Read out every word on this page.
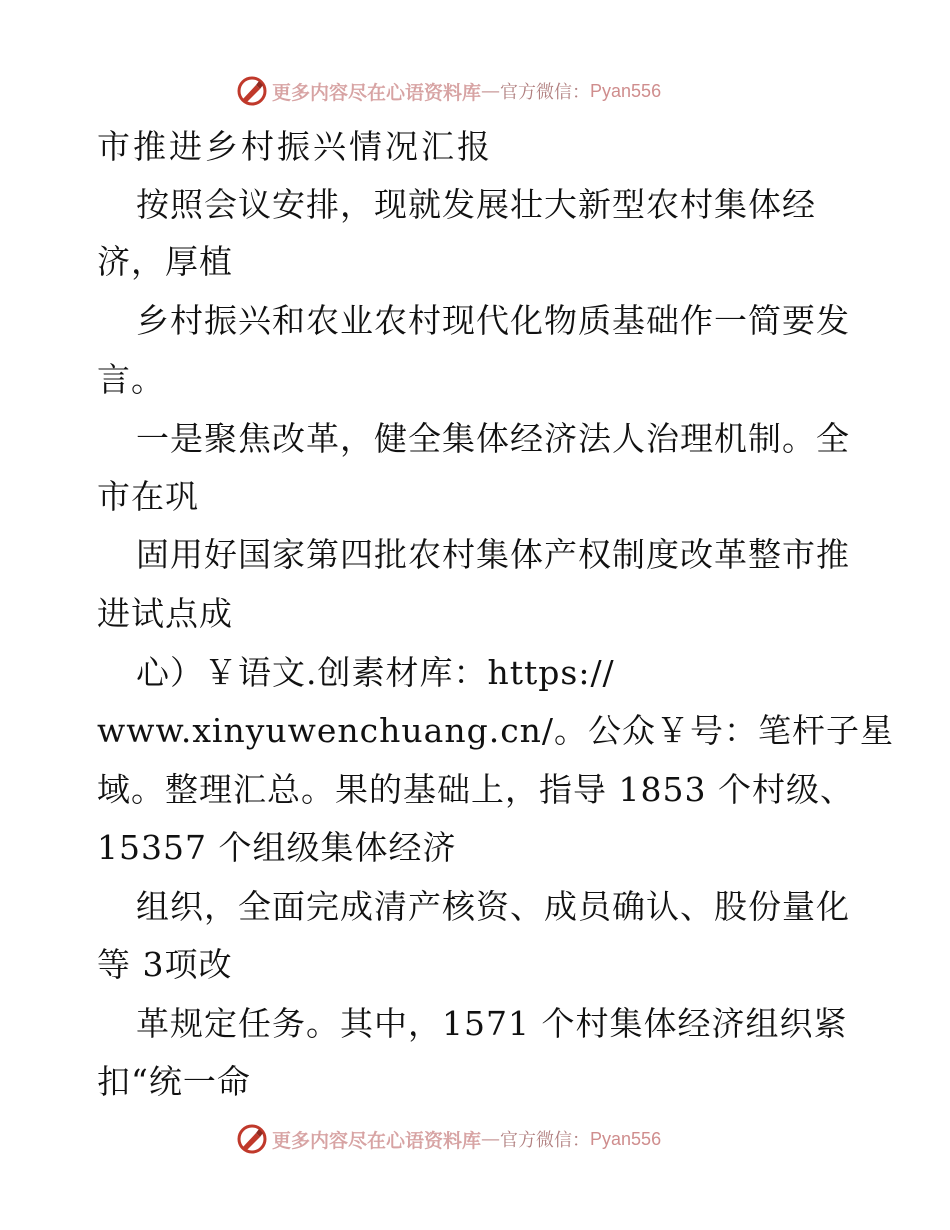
更多内容尽在心语资料库 — 官方微信： Pyan556
市推进乡村振兴情况汇报
按照会议安排，现就发展壮大新型农村集体经
济，厚植
乡村振兴和农业农村现代化物质基础作一简要发
言。
一是聚焦改革，健全集体经济法人治理机制。全
市在巩
固用好国家第四批农村集体产权制度改革整市推
进试点成
心）￥语文.创素材库：https://
www.xinyuwenchuang.cn/。公众￥号：笔杆子星
域。整理汇总。果的基础上，指导 1853 个村级、
15357 个组级集体经济
组织，全面完成清产核资、成员确认、股份量化
等 3项改
革规定任务。其中，1571 个村集体经济组织紧
扣“统一命
更多内容尽在心语资料库 — 官方微信： Pyan556
